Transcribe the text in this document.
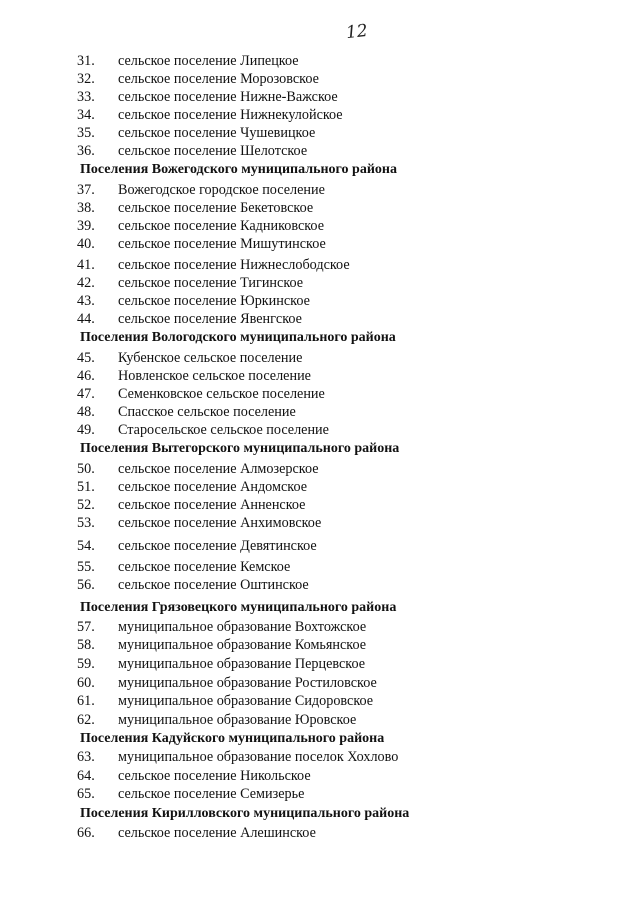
12
31.	сельское поселение Липецкое
32.	сельское поселение Морозовское
33.	сельское поселение Нижне-Важское
34.	сельское поселение Нижнекулойское
35.	сельское поселение Чушевицкое
36.	сельское поселение Шелотское
Поселения Вожегодского муниципального района
37.	Вожегодское городское поселение
38.	сельское поселение Бекетовское
39.	сельское поселение Кадниковское
40.	сельское поселение Мишутинское
41.	сельское поселение Нижнеслободское
42.	сельское поселение Тигинское
43.	сельское поселение Юркинское
44.	сельское поселение Явенгское
Поселения Вологодского муниципального района
45.	Кубенское сельское поселение
46.	Новленское сельское поселение
47.	Семенковское сельское поселение
48.	Спасское сельское поселение
49.	Старосельское сельское поселение
Поселения Вытегорского муниципального района
50.	сельское поселение Алмозерское
51.	сельское поселение Андомское
52.	сельское поселение Анненское
53.	сельское поселение Анхимовское
54.	сельское поселение Девятинское
55.	сельское поселение Кемское
56.	сельское поселение Оштинское
Поселения Грязовецкого муниципального района
57.	муниципальное образование Вохтожское
58.	муниципальное образование Комьянское
59.	муниципальное образование Перцевское
60.	муниципальное образование Ростиловское
61.	муниципальное образование Сидоровское
62.	муниципальное образование Юровское
Поселения Кадуйского муниципального района
63.	муниципальное образование поселок Хохлово
64.	сельское поселение Никольское
65.	сельское поселение Семизерье
Поселения Кирилловского муниципального района
66.	сельское поселение Алешинское
